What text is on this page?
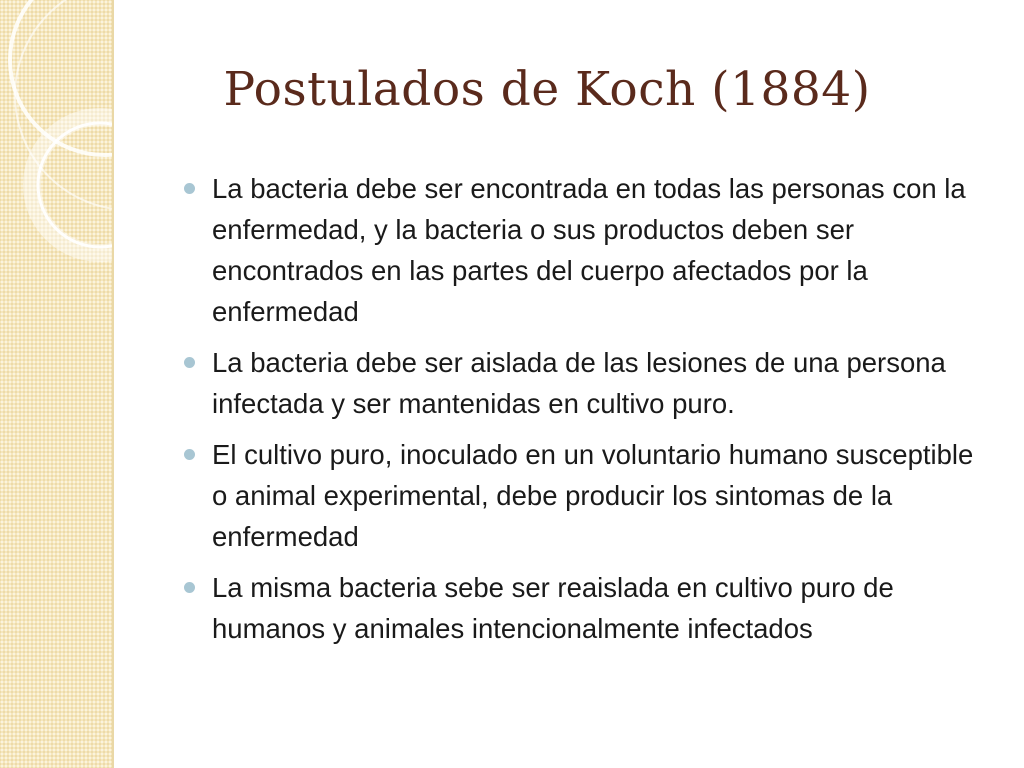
Postulados de Koch (1884)
La bacteria debe ser encontrada en todas las personas con la enfermedad, y la bacteria o sus productos deben ser encontrados en las partes del cuerpo afectados por la enfermedad
La bacteria debe ser aislada de las lesiones de una persona infectada y ser mantenidas en cultivo puro.
El cultivo puro, inoculado en un voluntario humano susceptible o animal experimental, debe producir los sintomas de la enfermedad
La misma bacteria sebe ser reaislada en cultivo puro de humanos y animales intencionalmente infectados
